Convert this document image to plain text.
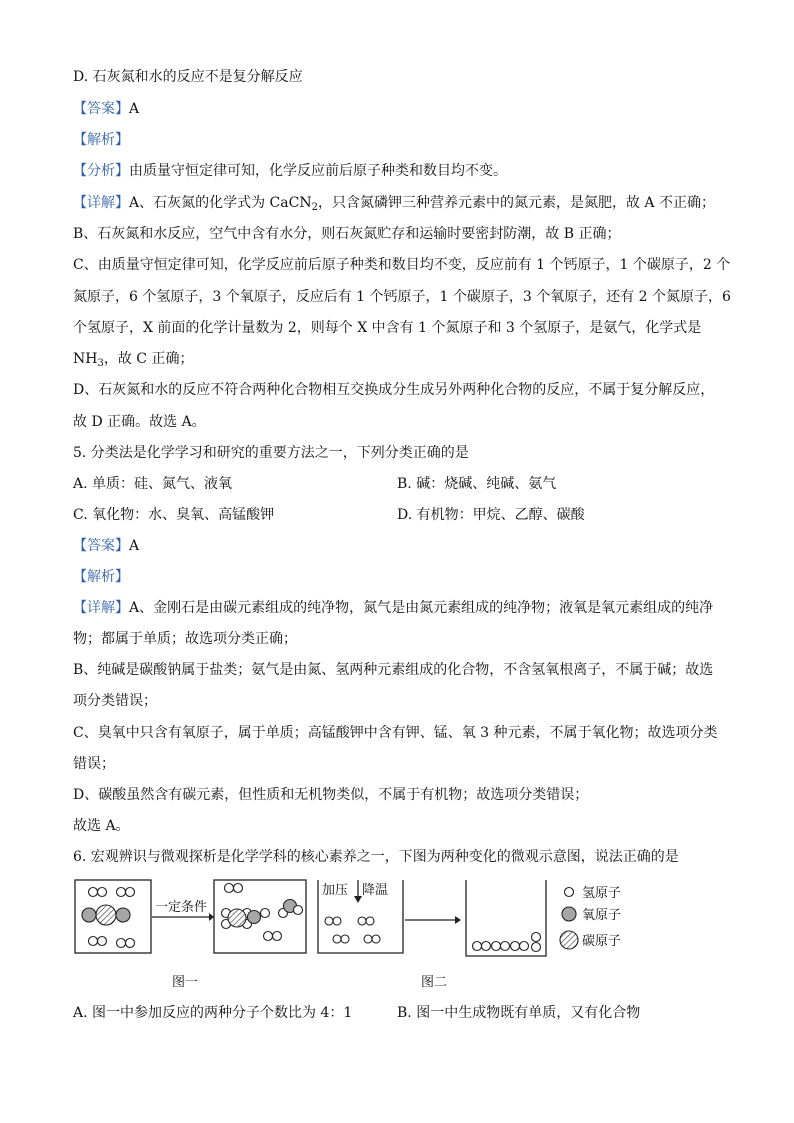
D. 石灰氮和水的反应不是复分解反应
【答案】A
【解析】
【分析】由质量守恒定律可知，化学反应前后原子种类和数目均不变。
【详解】A、石灰氮的化学式为 CaCN$_2$，只含氮磷钾三种营养元素中的氮元素，是氮肥，故 A 不正确；
B、石灰氮和水反应，空气中含有水分，则石灰氮贮存和运输时要密封防潮，故 B 正确；
C、由质量守恒定律可知，化学反应前后原子种类和数目均不变，反应前有 1 个钙原子，1 个碳原子，2 个
氮原子，6 个氢原子，3 个氧原子，反应后有 1 个钙原子，1 个碳原子，3 个氧原子，还有 2 个氮原子，6
个氢原子，X 前面的化学计量数为 2，则每个 X 中含有 1 个氮原子和 3 个氢原子，是氨气，化学式是
$NH_3$，故 C 正确；
D、石灰氮和水的反应不符合两种化合物相互交换成分生成另外两种化合物的反应，不属于复分解反应，
故 D 正确。故选 A。
5. 分类法是化学学习和研究的重要方法之一，下列分类正确的是
A. 单质：硅、氮气、液氧	B. 碱：烧碱、纯碱、氨气
C. 氧化物：水、臭氧、高锰酸钾	D. 有机物：甲烷、乙醇、碳酸
【答案】A
【解析】
【详解】A、金刚石是由碳元素组成的纯净物，氮气是由氮元素组成的纯净物；液氧是氧元素组成的纯净
物；都属于单质；故选项分类正确；
B、纯碱是碳酸钠属于盐类；氨气是由氮、氢两种元素组成的化合物，不含氢氧根离子，不属于碱；故选
项分类错误；
C、臭氧中只含有氧原子，属于单质；高锰酸钾中含有钾、锰、氧 3 种元素，不属于氧化物；故选项分类
错误；
D、碳酸虽然含有碳元素，但性质和无机物类似，不属于有机物；故选项分类错误；
故选 A。
6. 宏观辨识与微观探析是化学学科的核心素养之一，下图为两种变化的微观示意图，说法正确的是
一定条件
加压 降温	氢原子
氧原子
碳原子
图一	图二
A. 图一中参加反应的两种分子个数比为 4：1	B. 图一中生成物既有单质，又有化合物
